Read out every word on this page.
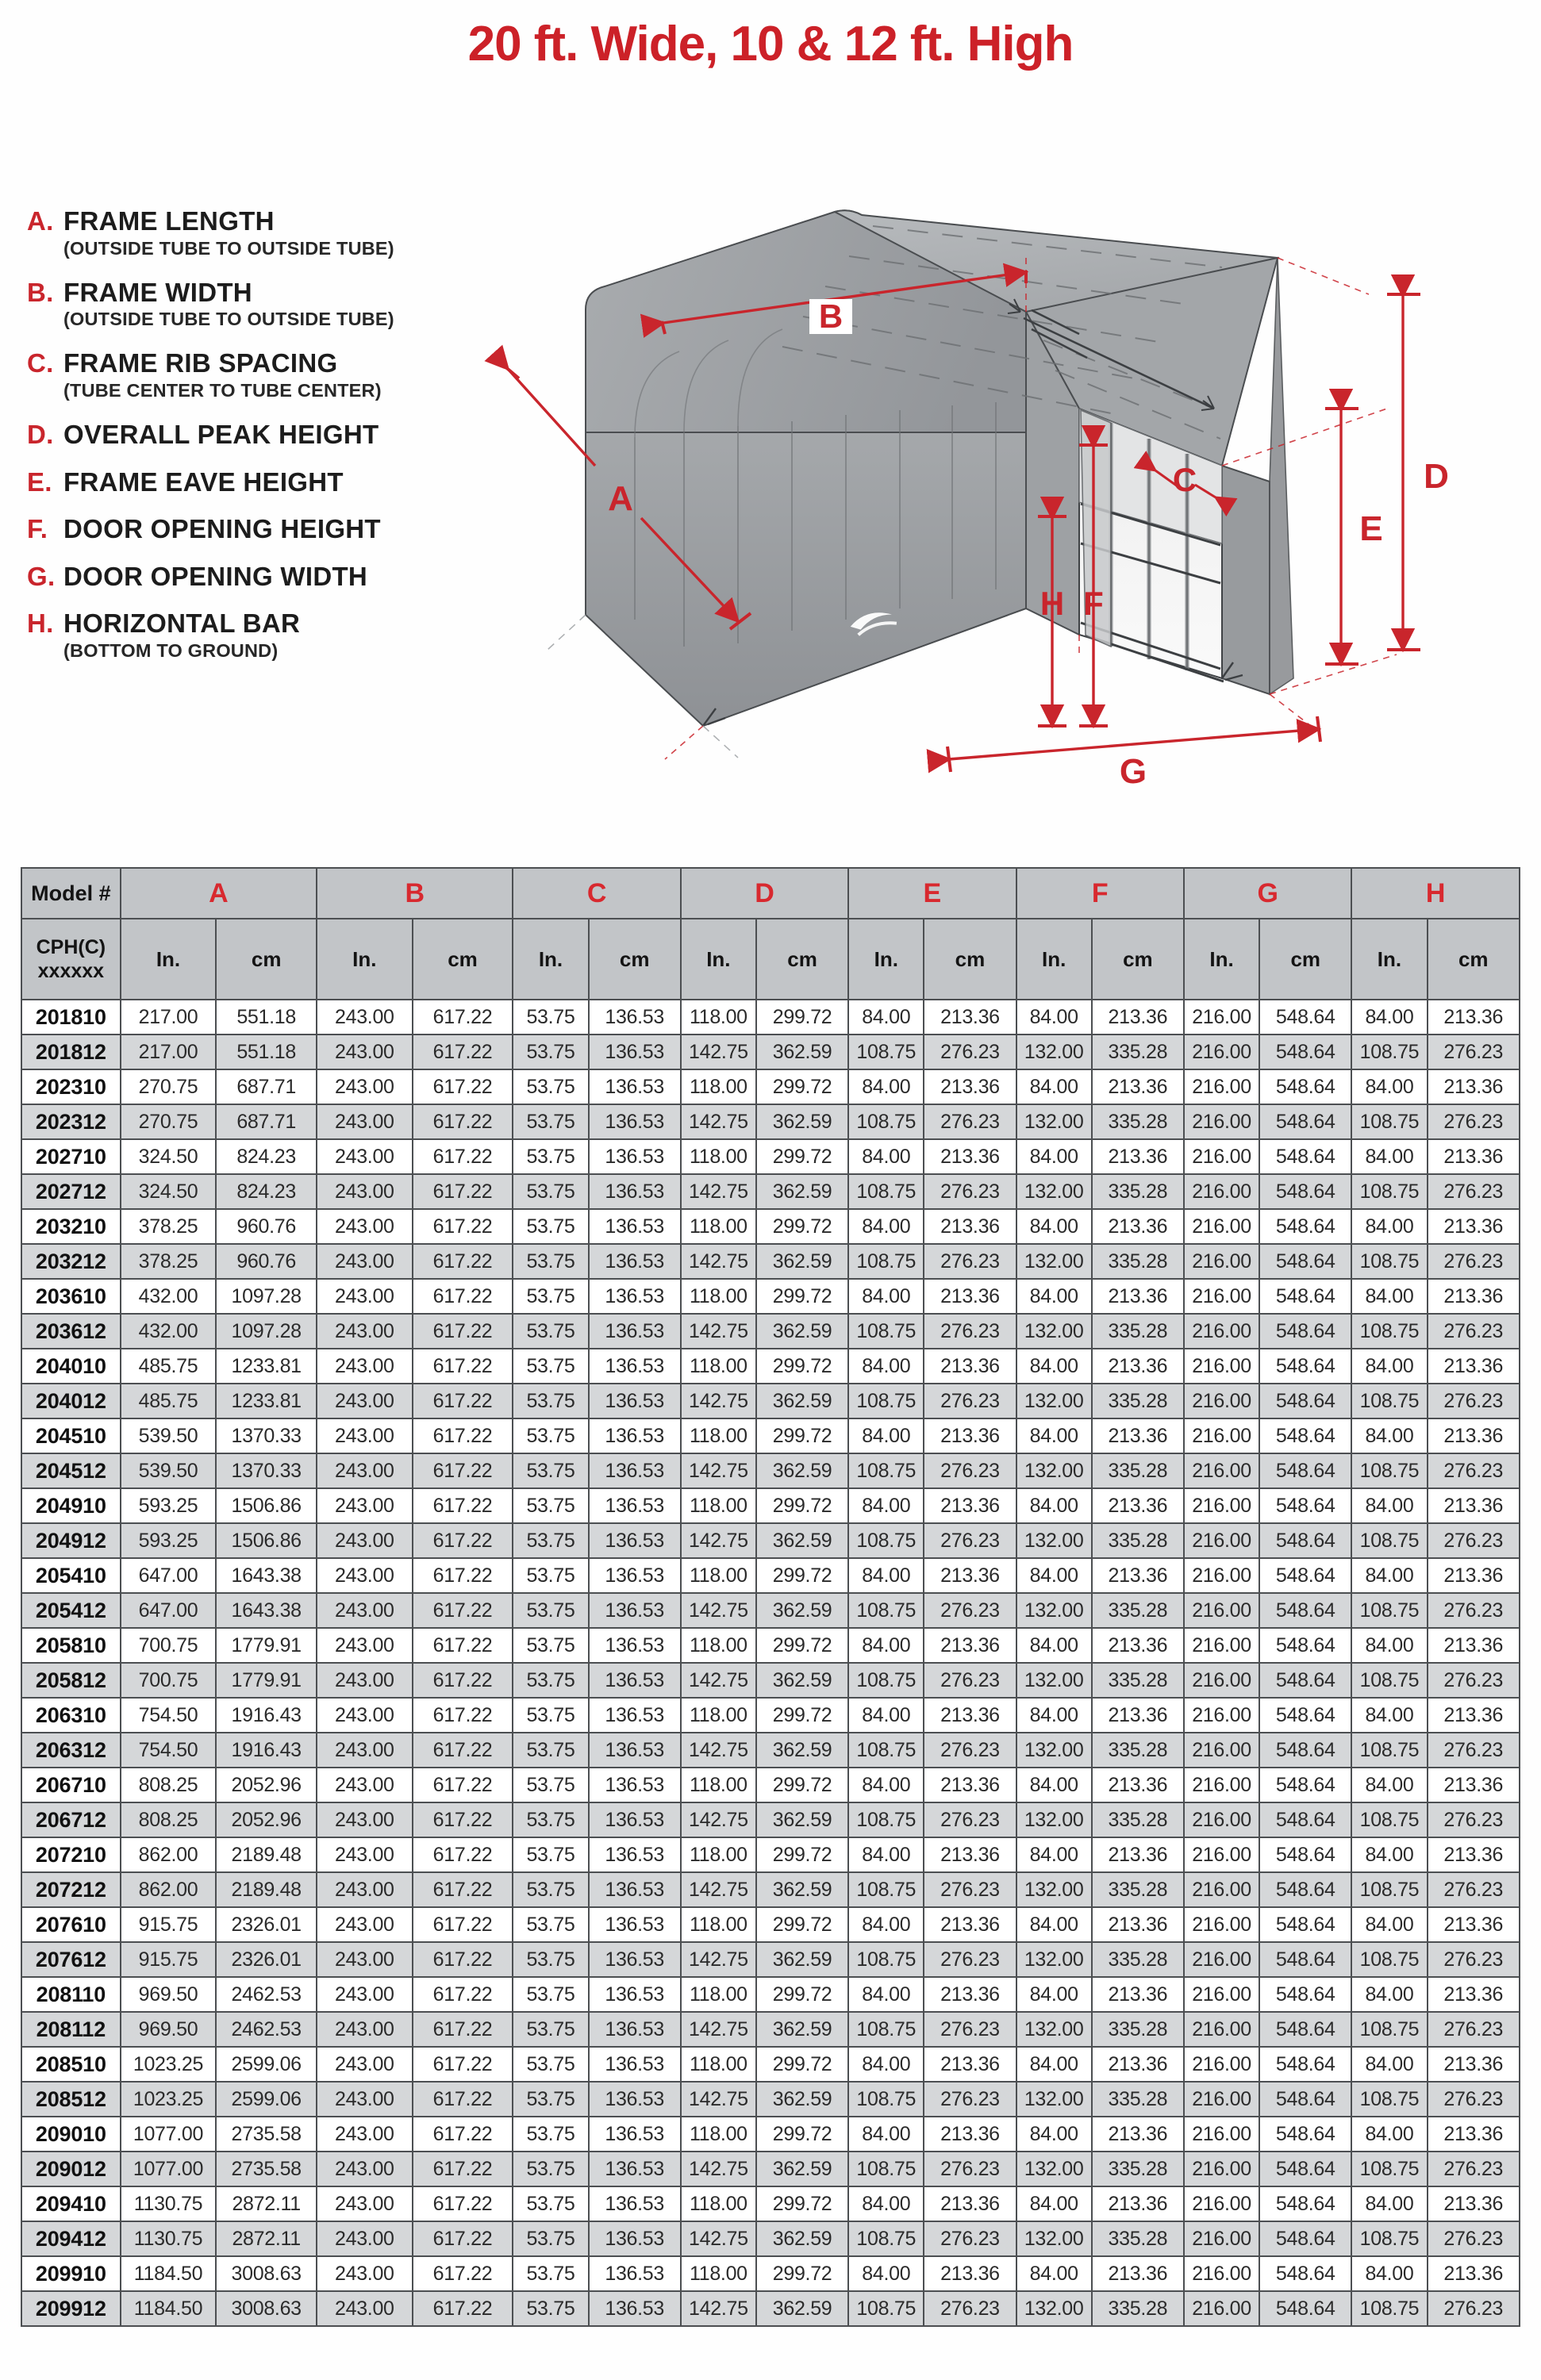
20 ft. Wide, 10 & 12 ft. High
A. FRAME LENGTH
(OUTSIDE TUBE TO OUTSIDE TUBE)
B. FRAME WIDTH
(OUTSIDE TUBE TO OUTSIDE TUBE)
C. FRAME RIB SPACING
(TUBE CENTER TO TUBE CENTER)
D. OVERALL PEAK HEIGHT
E. FRAME EAVE HEIGHT
F. DOOR OPENING HEIGHT
G. DOOR OPENING WIDTH
H. HORIZONTAL BAR
(BOTTOM TO GROUND)
B
D
E
C
H F
G
A
Model #	A		B		C		D		E		F		G		H	

CPH(C)
xxxxxx	In.	cm	In.	cm	In.	cm	In.	cm	In.	cm	In.	cm	In.	cm	In.	cm
201810	217.00	551.18	243.00	617.22	53.75	136.53	118.00	299.72	84.00	213.36	84.00	213.36	216.00	548.64	84.00	213.36
201812	217.00	551.18	243.00	617.22	53.75	136.53	142.75	362.59	108.75	276.23	132.00	335.28	216.00	548.64	108.75	276.23
202310	270.75	687.71	243.00	617.22	53.75	136.53	118.00	299.72	84.00	213.36	84.00	213.36	216.00	548.64	84.00	213.36
202312	270.75	687.71	243.00	617.22	53.75	136.53	142.75	362.59	108.75	276.23	132.00	335.28	216.00	548.64	108.75	276.23
202710	324.50	824.23	243.00	617.22	53.75	136.53	118.00	299.72	84.00	213.36	84.00	213.36	216.00	548.64	84.00	213.36
202712	324.50	824.23	243.00	617.22	53.75	136.53	142.75	362.59	108.75	276.23	132.00	335.28	216.00	548.64	108.75	276.23
203210	378.25	960.76	243.00	617.22	53.75	136.53	118.00	299.72	84.00	213.36	84.00	213.36	216.00	548.64	84.00	213.36
203212	378.25	960.76	243.00	617.22	53.75	136.53	142.75	362.59	108.75	276.23	132.00	335.28	216.00	548.64	108.75	276.23
203610	432.00	1097.28	243.00	617.22	53.75	136.53	118.00	299.72	84.00	213.36	84.00	213.36	216.00	548.64	84.00	213.36
203612	432.00	1097.28	243.00	617.22	53.75	136.53	142.75	362.59	108.75	276.23	132.00	335.28	216.00	548.64	108.75	276.23
204010	485.75	1233.81	243.00	617.22	53.75	136.53	118.00	299.72	84.00	213.36	84.00	213.36	216.00	548.64	84.00	213.36
204012	485.75	1233.81	243.00	617.22	53.75	136.53	142.75	362.59	108.75	276.23	132.00	335.28	216.00	548.64	108.75	276.23
204510	539.50	1370.33	243.00	617.22	53.75	136.53	118.00	299.72	84.00	213.36	84.00	213.36	216.00	548.64	84.00	213.36
204512	539.50	1370.33	243.00	617.22	53.75	136.53	142.75	362.59	108.75	276.23	132.00	335.28	216.00	548.64	108.75	276.23
204910	593.25	1506.86	243.00	617.22	53.75	136.53	118.00	299.72	84.00	213.36	84.00	213.36	216.00	548.64	84.00	213.36
204912	593.25	1506.86	243.00	617.22	53.75	136.53	142.75	362.59	108.75	276.23	132.00	335.28	216.00	548.64	108.75	276.23
205410	647.00	1643.38	243.00	617.22	53.75	136.53	118.00	299.72	84.00	213.36	84.00	213.36	216.00	548.64	84.00	213.36
205412	647.00	1643.38	243.00	617.22	53.75	136.53	142.75	362.59	108.75	276.23	132.00	335.28	216.00	548.64	108.75	276.23
205810	700.75	1779.91	243.00	617.22	53.75	136.53	118.00	299.72	84.00	213.36	84.00	213.36	216.00	548.64	84.00	213.36
205812	700.75	1779.91	243.00	617.22	53.75	136.53	142.75	362.59	108.75	276.23	132.00	335.28	216.00	548.64	108.75	276.23
206310	754.50	1916.43	243.00	617.22	53.75	136.53	118.00	299.72	84.00	213.36	84.00	213.36	216.00	548.64	84.00	213.36
206312	754.50	1916.43	243.00	617.22	53.75	136.53	142.75	362.59	108.75	276.23	132.00	335.28	216.00	548.64	108.75	276.23
206710	808.25	2052.96	243.00	617.22	53.75	136.53	118.00	299.72	84.00	213.36	84.00	213.36	216.00	548.64	84.00	213.36
206712	808.25	2052.96	243.00	617.22	53.75	136.53	142.75	362.59	108.75	276.23	132.00	335.28	216.00	548.64	108.75	276.23
207210	862.00	2189.48	243.00	617.22	53.75	136.53	118.00	299.72	84.00	213.36	84.00	213.36	216.00	548.64	84.00	213.36
207212	862.00	2189.48	243.00	617.22	53.75	136.53	142.75	362.59	108.75	276.23	132.00	335.28	216.00	548.64	108.75	276.23
207610	915.75	2326.01	243.00	617.22	53.75	136.53	118.00	299.72	84.00	213.36	84.00	213.36	216.00	548.64	84.00	213.36
207612	915.75	2326.01	243.00	617.22	53.75	136.53	142.75	362.59	108.75	276.23	132.00	335.28	216.00	548.64	108.75	276.23
208110	969.50	2462.53	243.00	617.22	53.75	136.53	118.00	299.72	84.00	213.36	84.00	213.36	216.00	548.64	84.00	213.36
208112	969.50	2462.53	243.00	617.22	53.75	136.53	142.75	362.59	108.75	276.23	132.00	335.28	216.00	548.64	108.75	276.23
208510	1023.25	2599.06	243.00	617.22	53.75	136.53	118.00	299.72	84.00	213.36	84.00	213.36	216.00	548.64	84.00	213.36
208512	1023.25	2599.06	243.00	617.22	53.75	136.53	142.75	362.59	108.75	276.23	132.00	335.28	216.00	548.64	108.75	276.23
209010	1077.00	2735.58	243.00	617.22	53.75	136.53	118.00	299.72	84.00	213.36	84.00	213.36	216.00	548.64	84.00	213.36
209012	1077.00	2735.58	243.00	617.22	53.75	136.53	142.75	362.59	108.75	276.23	132.00	335.28	216.00	548.64	108.75	276.23
209410	1130.75	2872.11	243.00	617.22	53.75	136.53	118.00	299.72	84.00	213.36	84.00	213.36	216.00	548.64	84.00	213.36
209412	1130.75	2872.11	243.00	617.22	53.75	136.53	142.75	362.59	108.75	276.23	132.00	335.28	216.00	548.64	108.75	276.23
209910	1184.50	3008.63	243.00	617.22	53.75	136.53	118.00	299.72	84.00	213.36	84.00	213.36	216.00	548.64	84.00	213.36
209912	1184.50	3008.63	243.00	617.22	53.75	136.53	142.75	362.59	108.75	276.23	132.00	335.28	216.00	548.64	108.75	276.23
